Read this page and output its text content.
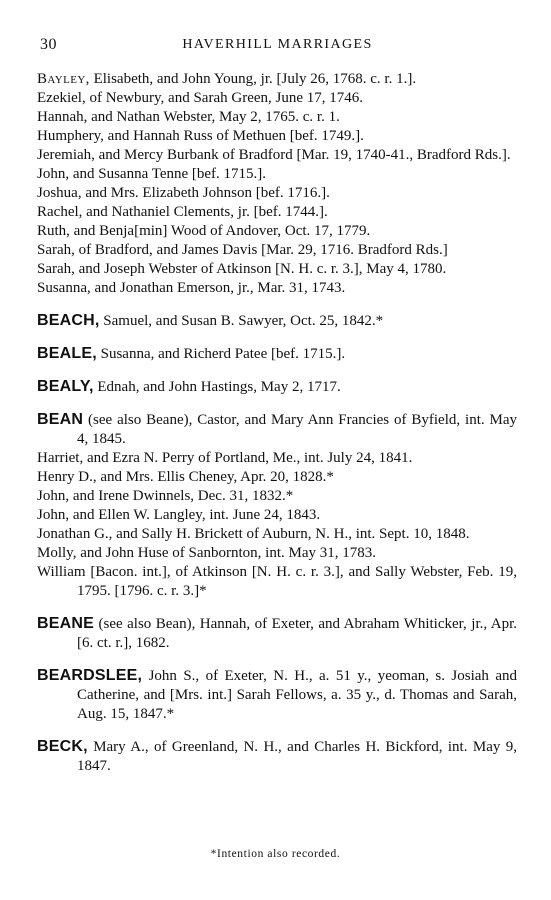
30	HAVERHILL MARRIAGES

Bayley, Elisabeth, and John Young, jr. [July 26, 1768. c. r. 1.].

Ezekiel, of Newbury, and Sarah Green, June 17, 1746.

Hannah, and Nathan Webster, May 2, 1765. c. r. 1.

Humphery, and Hannah Russ of Methuen [bef. 1749.].

Jeremiah, and Mercy Burbank of Bradford [Mar. 19, 1740-41., Bradford Rds.].

John, and Susanna Tenne [bef. 1715.].

Joshua, and Mrs. Elizabeth Johnson [bef. 1716.].

Rachel, and Nathaniel Clements, jr. [bef. 1744.].

Ruth, and Benja[min] Wood of Andover, Oct. 17, 1779.

Sarah, of Bradford, and James Davis [Mar. 29, 1716. Bradford Rds.]

Sarah, and Joseph Webster of Atkinson [N. H. c. r. 3.], May 4, 1780.

Susanna, and Jonathan Emerson, jr., Mar. 31, 1743.

BEACH, Samuel, and Susan B. Sawyer, Oct. 25, 1842.*

BEALE, Susanna, and Richerd Patee [bef. 1715.].

BEALY, Ednah, and John Hastings, May 2, 1717.

BEAN (see also Beane), Castor, and Mary Ann Francies of Byfield, int. May 4, 1845.

Harriet, and Ezra N. Perry of Portland, Me., int. July 24, 1841.

Henry D., and Mrs. Ellis Cheney, Apr. 20, 1828.*

John, and Irene Dwinnels, Dec. 31, 1832.*

John, and Ellen W. Langley, int. June 24, 1843.

Jonathan G., and Sally H. Brickett of Auburn, N. H., int. Sept. 10, 1848.

Molly, and John Huse of Sanbornton, int. May 31, 1783.

William [Bacon. int.], of Atkinson [N. H. c. r. 3.], and Sally Webster, Feb. 19, 1795. [1796. c. r. 3.]*

BEANE (see also Bean), Hannah, of Exeter, and Abraham Whiticker, jr., Apr. [6. ct. r.], 1682.

BEARDSLEE, John S., of Exeter, N. H., a. 51 y., yeoman, s. Josiah and Catherine, and [Mrs. int.] Sarah Fellows, a. 35 y., d. Thomas and Sarah, Aug. 15, 1847.*

BECK, Mary A., of Greenland, N. H., and Charles H. Bickford, int. May 9, 1847.

*Intention also recorded.
